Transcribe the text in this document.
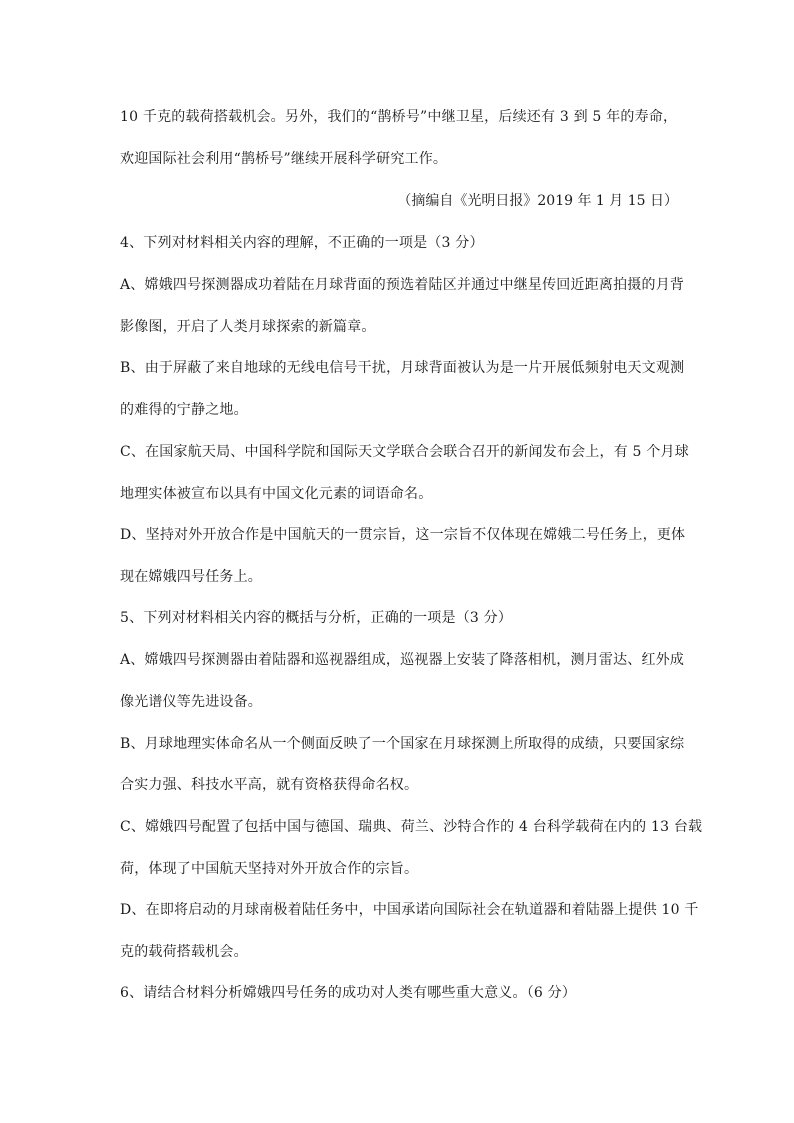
10 千克的载荷搭载机会。另外，我们的“鹊桥号”中继卫星，后续还有 3 到 5 年的寿命，
欢迎国际社会利用“鹊桥号”继续开展科学研究工作。
（摘编自《光明日报》2019 年 1 月 15 日）
4、下列对材料相关内容的理解，不正确的一项是（3 分）
A、嫦娥四号探测器成功着陆在月球背面的预选着陆区并通过中继星传回近距离拍摄的月背
影像图，开启了人类月球探索的新篇章。
B、由于屏蔽了来自地球的无线电信号干扰，月球背面被认为是一片开展低频射电天文观测
的难得的宁静之地。
C、在国家航天局、中国科学院和国际天文学联合会联合召开的新闻发布会上，有 5 个月球
地理实体被宣布以具有中国文化元素的词语命名。
D、坚持对外开放合作是中国航天的一贯宗旨，这一宗旨不仅体现在嫦娥二号任务上，更体
现在嫦娥四号任务上。
5、下列对材料相关内容的概括与分析，正确的一项是（3 分）
A、嫦娥四号探测器由着陆器和巡视器组成，巡视器上安装了降落相机，测月雷达、红外成
像光谱仪等先进设备。
B、月球地理实体命名从一个侧面反映了一个国家在月球探测上所取得的成绩，只要国家综
合实力强、科技水平高，就有资格获得命名权。
C、嫦娥四号配置了包括中国与德国、瑞典、荷兰、沙特合作的 4 台科学载荷在内的 13 台载
荷，体现了中国航天坚持对外开放合作的宗旨。
D、在即将启动的月球南极着陆任务中，中国承诺向国际社会在轨道器和着陆器上提供 10 千
克的载荷搭载机会。
6、请结合材料分析嫦娥四号任务的成功对人类有哪些重大意义。（6 分）
